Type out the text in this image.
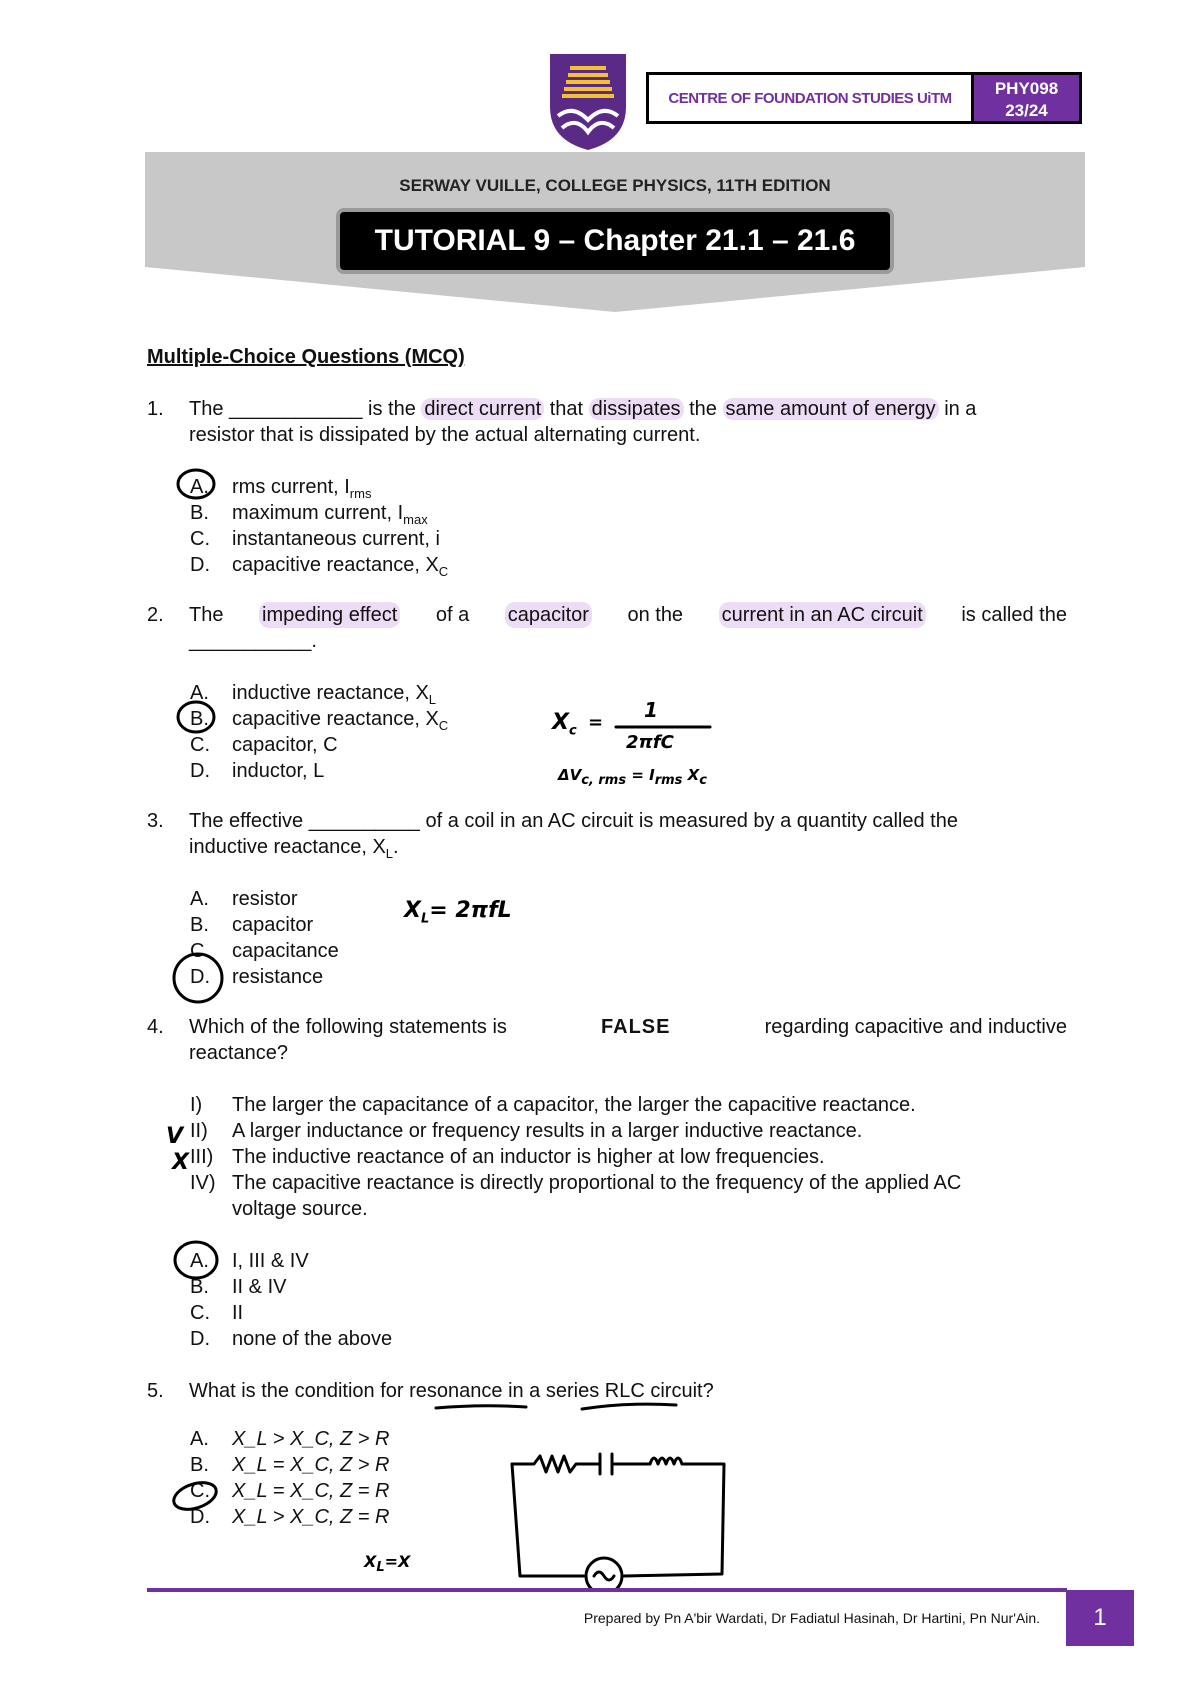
CENTRE OF FOUNDATION STUDIES UiTM	PHY098
23/24
SERWAY VUILLE, COLLEGE PHYSICS, 11TH EDITION
TUTORIAL 9 – Chapter 21.1 – 21.6
Multiple-Choice Questions (MCQ)
1. The ____________ is the direct current that dissipates the same amount of energy in a
resistor that is dissipated by the actual alternating current.
A. rms current, $I_{rms}$
B. maximum current, $I_{max}$
C. instantaneous current, i
D. capacitive reactance, $X_C$
2. The impeding effect of a capacitor on the current in an AC circuit is called the
___________.
A. inductive reactance, $X_L$
B. capacitive reactance, $X_C$
C. capacitor, C
D. inductor, L
$X_c$ =
1
2πfC
$\Delta V_{c, rms} = I_{rms}$ $X_c$
3. The effective __________ of a coil in an AC circuit is measured by a quantity called the
inductive reactance, $X_L$.
A. resistor
B. capacitor
C. capacitance
D. resistance
$X_L= 2\pi fL$
4. Which of the following statements is	FALSE	regarding capacitive and inductive
reactance?
I) The larger the capacitance of a capacitor, the larger the capacitive reactance.
II) A larger inductance or frequency results in a larger inductive reactance.
III) The inductive reactance of an inductor is higher at low frequencies.
IV) The capacitive reactance is directly proportional to the frequency of the applied AC
voltage source.
V
X
A. I, III & IV
B. II & IV
C. II
D. none of the above
5. What is the condition for resonance in a series RLC circuit?
A. X_L > X_C, Z > R
B. X_L = X_C, Z > R
C. X_L = X_C, Z = R
D. X_L > X_C, Z = R
$X_L=X$
Prepared by Pn A'bir Wardati, Dr Fadiatul Hasinah, Dr Hartini, Pn Nur'Ain. 1
